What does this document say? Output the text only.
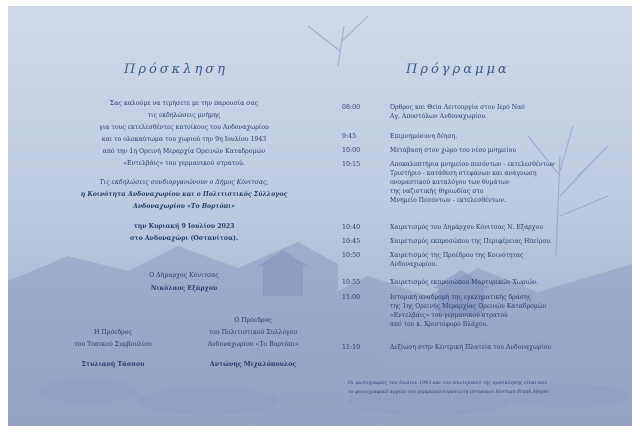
Πρόσκληση
Σας καλούμε να τιμήσετε με την παρουσία σας
τις εκδηλώσεις μνήμης
για τους εκτελεσθέντες κατοίκους του Ανδοναχωρίου
και το ολοκαύτωμα του χωριού την 9η Ιουλίου 1943
από την 1η Ορεινή Μεραρχία Ορεινών Καταδρομών
«Εντελβάις» του γερμανικού στρατού.
Τις εκδηλώσεις συνδιοργανώνουν ο Δήμος Κόνιτσας,
η Κοινότητα Ανδοναχωρίου και ο Πολιτιστικός Σύλλογος
Ανδοναχωρίου «Το Βορτόπι»
την Κυριακή 9 Ιουλίου 2023
στο Ανδοναχώρι (Οστανίτσα).
Ο Δήμαρχος Κόνιτσας
Νικόλαος Εξάρχου
Η Πρόεδρος
του Τοπικού Συμβουλίου
Στυλιανή Τάσσου
Ο Πρόεδρος
του Πολιτιστικού Συλλόγου
Ανδοναχωρίου «Το Βορτόπι»
Αντώνης Μιχαλόπουλος
Πρόγραμμα
08:00	Όρθρος και Θεία Λειτουργία στον Ιερό Ναό
Αγ. Αποστόλων Ανδοναχωρίου.
9:45	Επιμνημόσυνη δέηση.
10:00	Μετάβαση στον χώρο του νέου μνημείου
10:15	Αποκαλυπτήρια μνημείου πεσόντων - εκτελεσθέντων
Τριστήριο - κατάθεση στεφάνων και ανάγνωση
ονομαστικού καταλόγου των θυμάτων
της ναζιστικής θηριωδίας στο
Μνημείο Πεσόντων - εκτελεσθέντων.
10:40	Χαιρετισμός του Δημάρχου Κόνιτσας Ν. Εξάρχου
10:45	Χαιρετισμός εκπροσώπου της Περιφέρειας Ηπείρου.
10:50	Χαιρετισμός της Προέδρου της Κοινότητας
Ανδοναχωρίου.
10:55	Χαιρετισμός εκπροσώπου Μαρτυρικών Χωριών.
11:00	Ιστορική αναδρομή της εγκληματικής δράσης
της 1ης Ορεινής Μεραρχίας Ορεινών Καταδρομών
«Εντελβάις» του γερμανικού στρατού
από τον κ. Χριστόφορο Βλάχου.
11:10	Δεξίωση στην Κεντρική Πλατεία του Ανδοναχωρίου
Οι φωτογραφίες του Ιουλίου 1943 και του εσωτερικού της πρόσκλησης είναι από
το φωτογραφικό αρχείο του γερμανού στρατιώτη ιστορικού Herman Frank Meyer.
